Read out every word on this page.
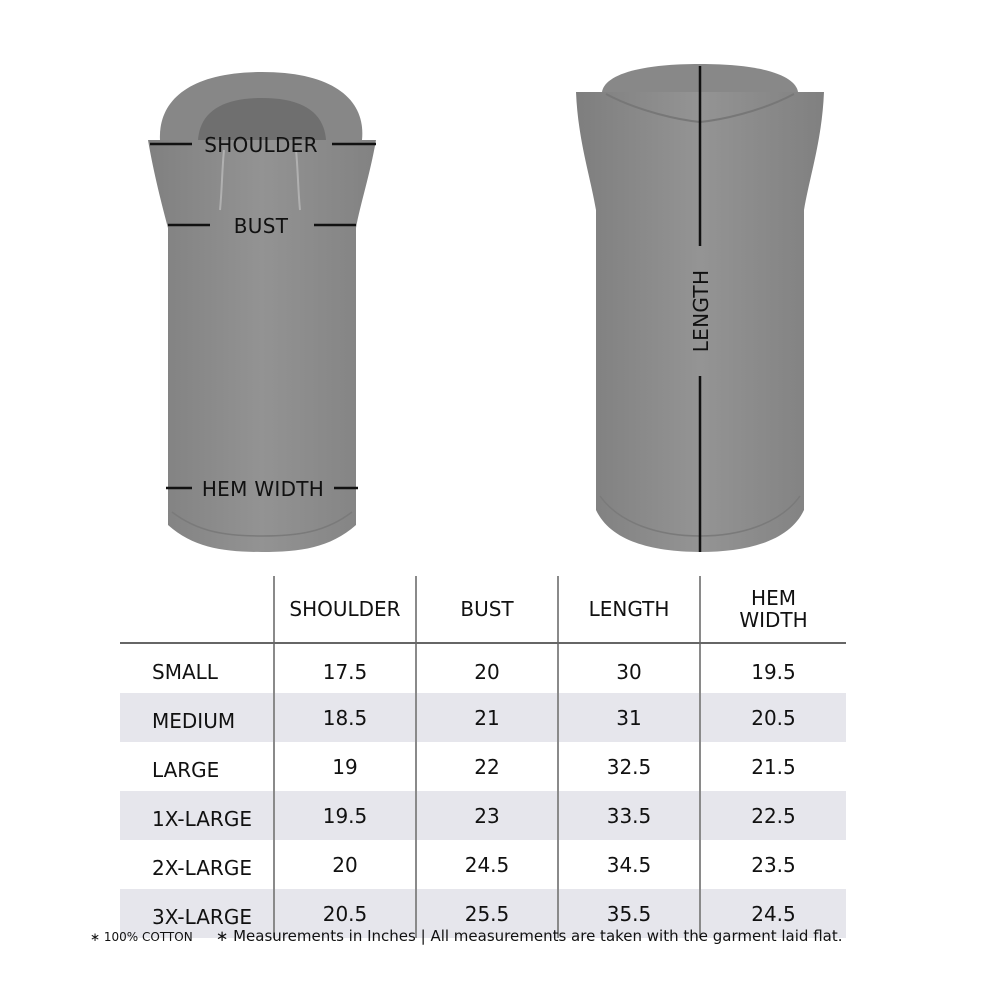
SHOULDER
BUST
HEM WIDTH
LENGTH
	SHOULDER	BUST	LENGTH	HEM
WIDTH
SMALL	17.5	20	30	19.5
MEDIUM	18.5	21	31	20.5
LARGE	19	22	32.5	21.5
1X-LARGE	19.5	23	33.5	22.5
2X-LARGE	20	24.5	34.5	23.5
3X-LARGE	20.5	25.5	35.5	24.5
∗ 100% COTTON ∗ Measurements in Inches | All measurements are taken with the garment laid flat.
